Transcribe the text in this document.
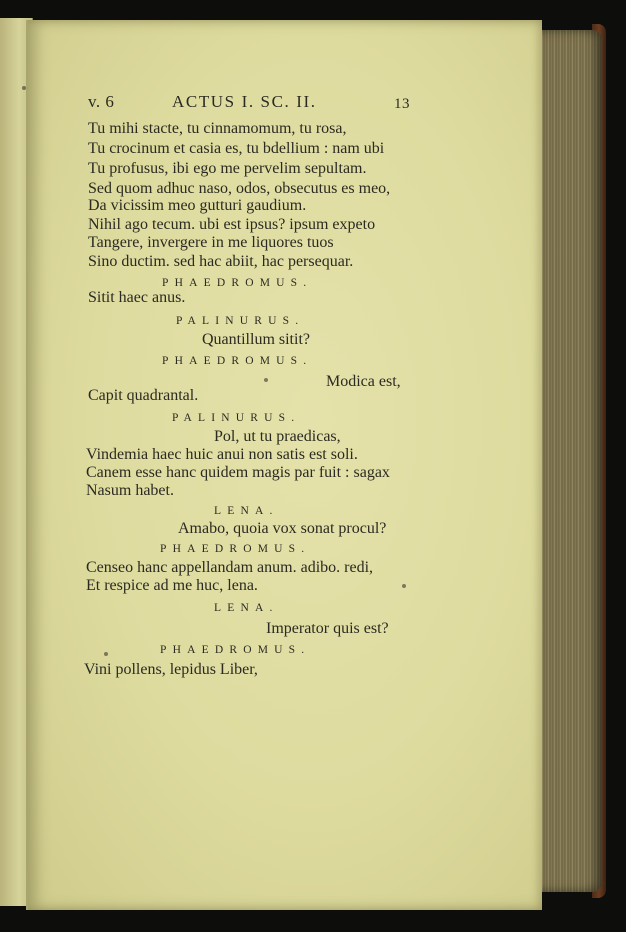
v. 6	ACTUS I. SC. II.	13
Tu mihi stacte, tu cinnamomum, tu rosa,
Tu crocinum et casia es, tu bdellium : nam ubi
Tu profusus, ibi ego me pervelim sepultam.
Sed quom adhuc naso, odos, obsecutus es meo,
Da vicissim meo gutturi gaudium.
Nihil ago tecum. ubi est ipsus? ipsum expeto
Tangere, invergere in me liquores tuos
Sino ductim. sed hac abiit, hac persequar.
PHAEDROMUS.
Sitit haec anus.
PALINURUS.
Quantillum sitit?
PHAEDROMUS.
Modica est,
Capit quadrantal.
PALINURUS.
Pol, ut tu praedicas,
Vindemia haec huic anui non satis est soli.
Canem esse hanc quidem magis par fuit : sagax
Nasum habet.
LENA.
Amabo, quoia vox sonat procul?
PHAEDROMUS.
Censeo hanc appellandam anum. adibo. redi,
Et respice ad me huc, lena.
LENA.
Imperator quis est?
PHAEDROMUS.
Vini pollens, lepidus Liber,
